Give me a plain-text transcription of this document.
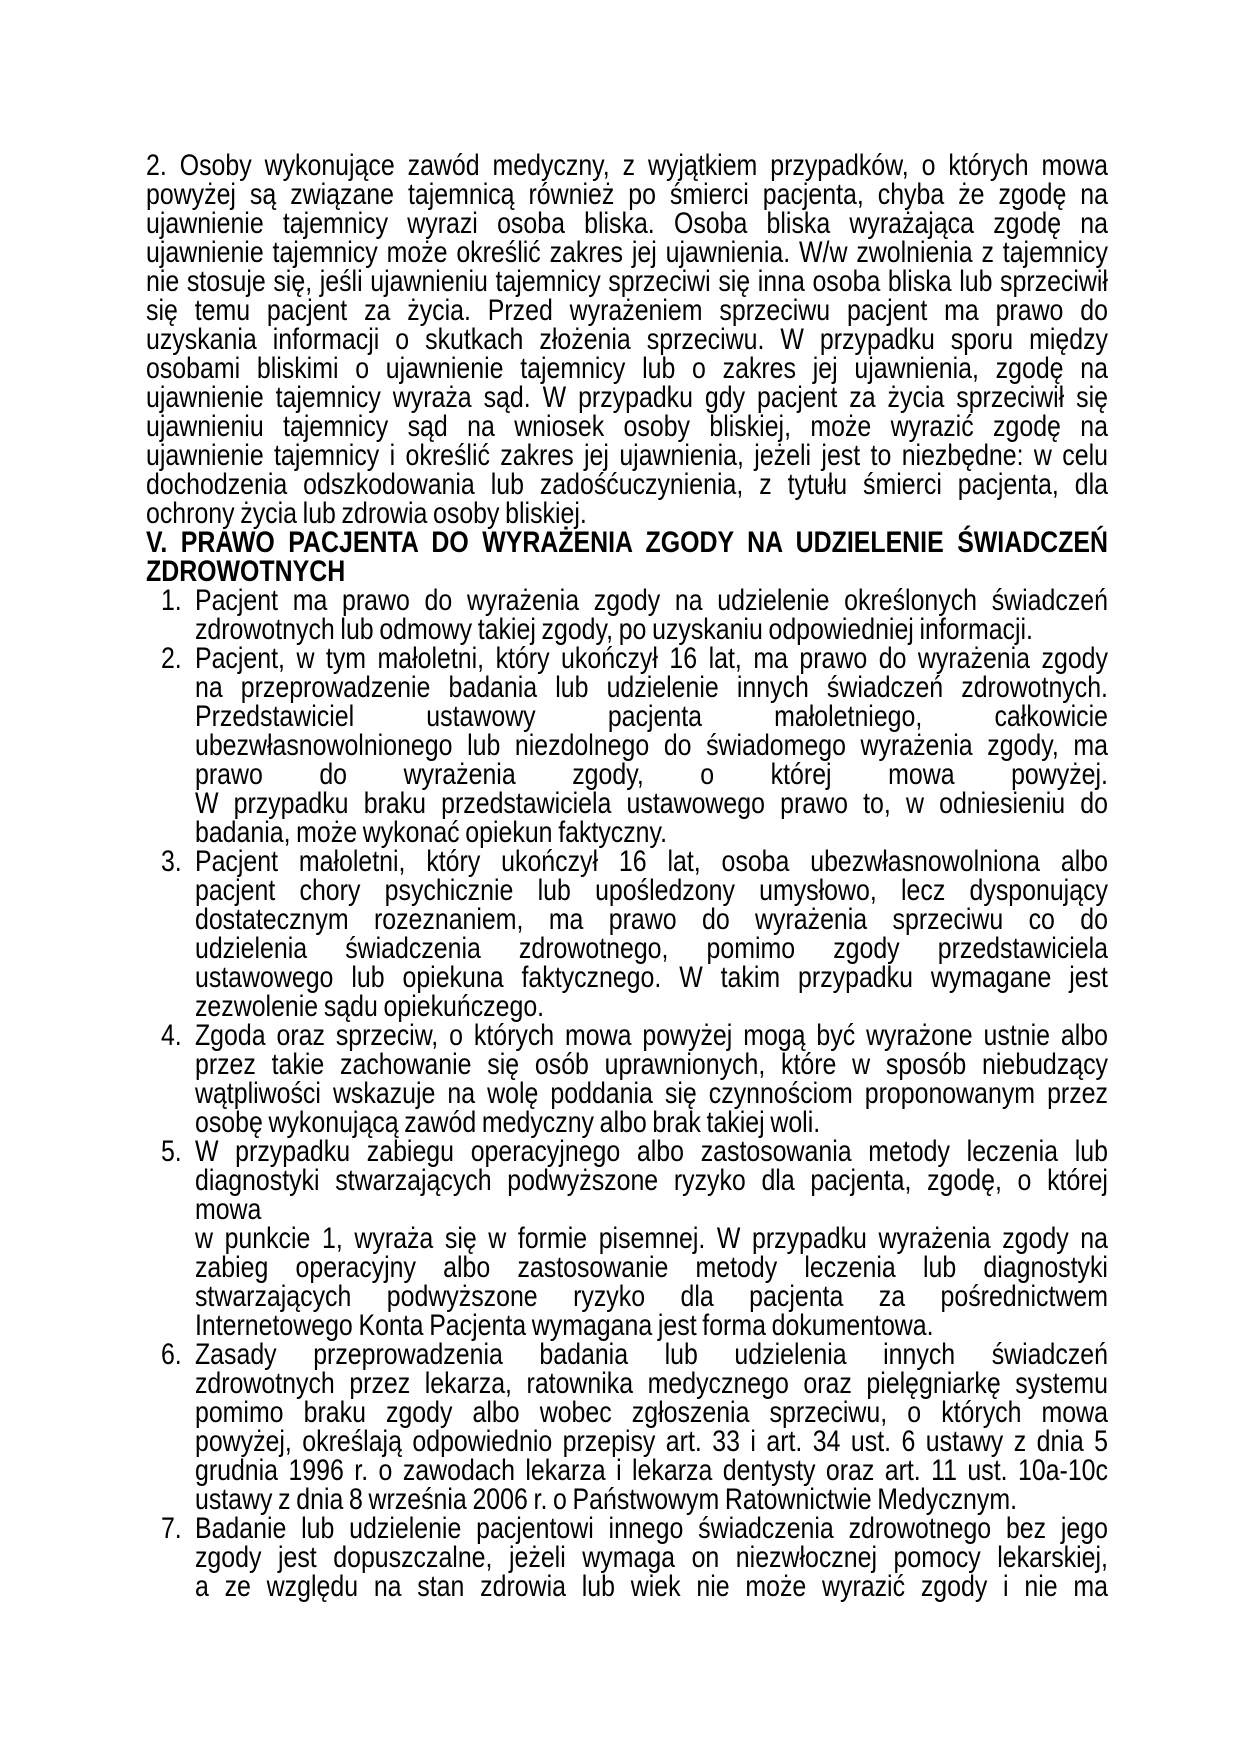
2. Osoby wykonujące zawód medyczny, z wyjątkiem przypadków, o których mowa
powyżej są związane tajemnicą również po śmierci pacjenta, chyba że zgodę na
ujawnienie tajemnicy wyrazi osoba bliska. Osoba bliska wyrażająca zgodę na
ujawnienie tajemnicy może określić zakres jej ujawnienia. W/w zwolnienia z tajemnicy
nie stosuje się, jeśli ujawnieniu tajemnicy sprzeciwi się inna osoba bliska lub sprzeciwił
się temu pacjent za życia. Przed wyrażeniem sprzeciwu pacjent ma prawo do
uzyskania informacji o skutkach złożenia sprzeciwu. W przypadku sporu między
osobami bliskimi o ujawnienie tajemnicy lub o zakres jej ujawnienia, zgodę na
ujawnienie tajemnicy wyraża sąd. W przypadku gdy pacjent za życia sprzeciwił się
ujawnieniu tajemnicy sąd na wniosek osoby bliskiej, może wyrazić zgodę na
ujawnienie tajemnicy i określić zakres jej ujawnienia, jeżeli jest to niezbędne: w celu
dochodzenia odszkodowania lub zadośćuczynienia, z tytułu śmierci pacjenta, dla
ochrony życia lub zdrowia osoby bliskiej.
V. PRAWO PACJENTA DO WYRAŻENIA ZGODY NA UDZIELENIE ŚWIADCZEŃ
ZDROWOTNYCH
1. Pacjent ma prawo do wyrażenia zgody na udzielenie określonych świadczeń
zdrowotnych lub odmowy takiej zgody, po uzyskaniu odpowiedniej informacji.
2. Pacjent, w tym małoletni, który ukończył 16 lat, ma prawo do wyrażenia zgody
na przeprowadzenie badania lub udzielenie innych świadczeń zdrowotnych.
Przedstawiciel ustawowy pacjenta małoletniego, całkowicie
ubezwłasnowolnionego lub niezdolnego do świadomego wyrażenia zgody, ma
prawo do wyrażenia zgody, o której mowa powyżej.
W przypadku braku przedstawiciela ustawowego prawo to, w odniesieniu do
badania, może wykonać opiekun faktyczny.
3. Pacjent małoletni, który ukończył 16 lat, osoba ubezwłasnowolniona albo
pacjent chory psychicznie lub upośledzony umysłowo, lecz dysponujący
dostatecznym rozeznaniem, ma prawo do wyrażenia sprzeciwu co do
udzielenia świadczenia zdrowotnego, pomimo zgody przedstawiciela
ustawowego lub opiekuna faktycznego. W takim przypadku wymagane jest
zezwolenie sądu opiekuńczego.
4. Zgoda oraz sprzeciw, o których mowa powyżej mogą być wyrażone ustnie albo
przez takie zachowanie się osób uprawnionych, które w sposób niebudzący
wątpliwości wskazuje na wolę poddania się czynnościom proponowanym przez
osobę wykonującą zawód medyczny albo brak takiej woli.
5. W przypadku zabiegu operacyjnego albo zastosowania metody leczenia lub
diagnostyki stwarzających podwyższone ryzyko dla pacjenta, zgodę, o której
mowa
w punkcie 1, wyraża się w formie pisemnej. W przypadku wyrażenia zgody na
zabieg operacyjny albo zastosowanie metody leczenia lub diagnostyki
stwarzających podwyższone ryzyko dla pacjenta za pośrednictwem
Internetowego Konta Pacjenta wymagana jest forma dokumentowa.
6. Zasady przeprowadzenia badania lub udzielenia innych świadczeń
zdrowotnych przez lekarza, ratownika medycznego oraz pielęgniarkę systemu
pomimo braku zgody albo wobec zgłoszenia sprzeciwu, o których mowa
powyżej, określają odpowiednio przepisy art. 33 i art. 34 ust. 6 ustawy z dnia 5
grudnia 1996 r. o zawodach lekarza i lekarza dentysty oraz art. 11 ust. 10a-10c
ustawy z dnia 8 września 2006 r. o Państwowym Ratownictwie Medycznym.
7. Badanie lub udzielenie pacjentowi innego świadczenia zdrowotnego bez jego
zgody jest dopuszczalne, jeżeli wymaga on niezwłocznej pomocy lekarskiej,
a ze względu na stan zdrowia lub wiek nie może wyrazić zgody i nie ma
